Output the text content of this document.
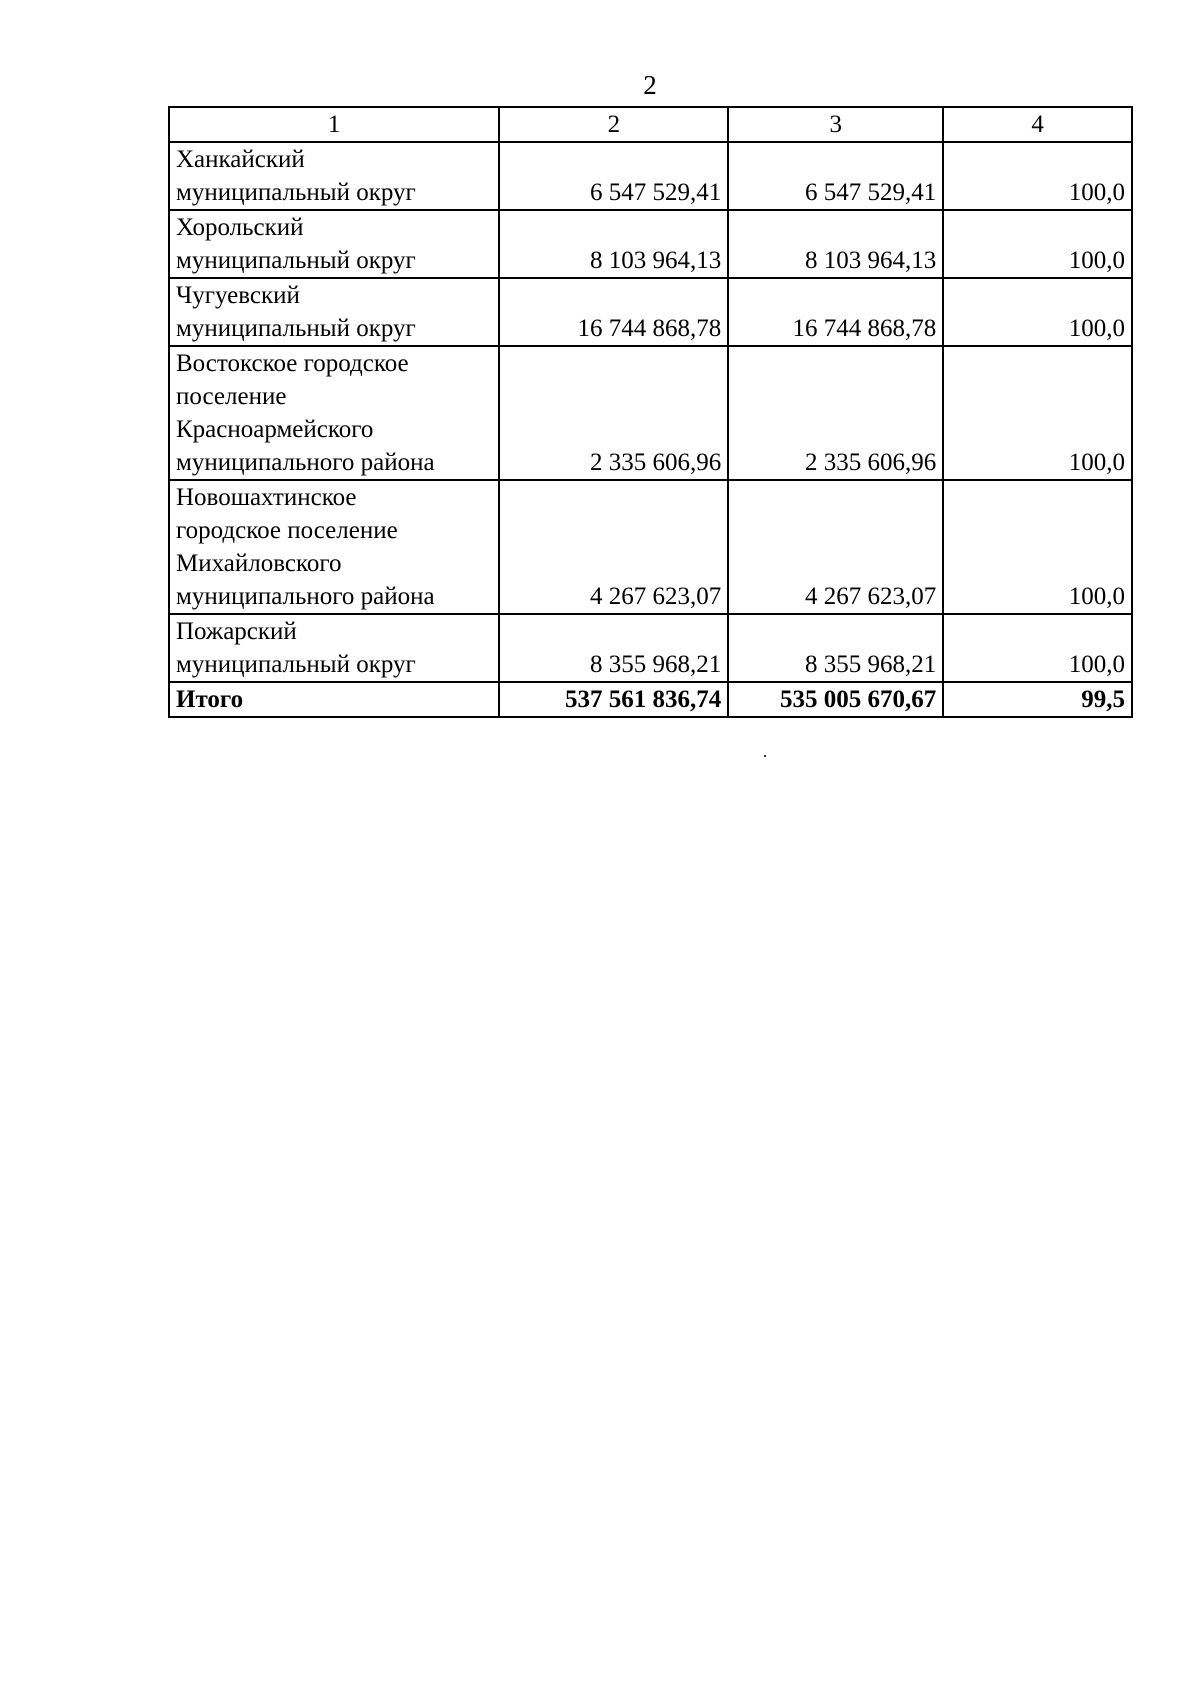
2
1	2	3	4
Ханкайский
муниципальный округ	6 547 529,41	6 547 529,41	100,0
Хорольский
муниципальный округ	8 103 964,13	8 103 964,13	100,0
Чугуевский
муниципальный округ	16 744 868,78	16 744 868,78	100,0
Востокское городское
поселение
Красноармейского
муниципального района	2 335 606,96	2 335 606,96	100,0
Новошахтинское
городское поселение
Михайловского
муниципального района	4 267 623,07	4 267 623,07	100,0
Пожарский
муниципальный округ	8 355 968,21	8 355 968,21	100,0
Итого	537 561 836,74	535 005 670,67	99,5
